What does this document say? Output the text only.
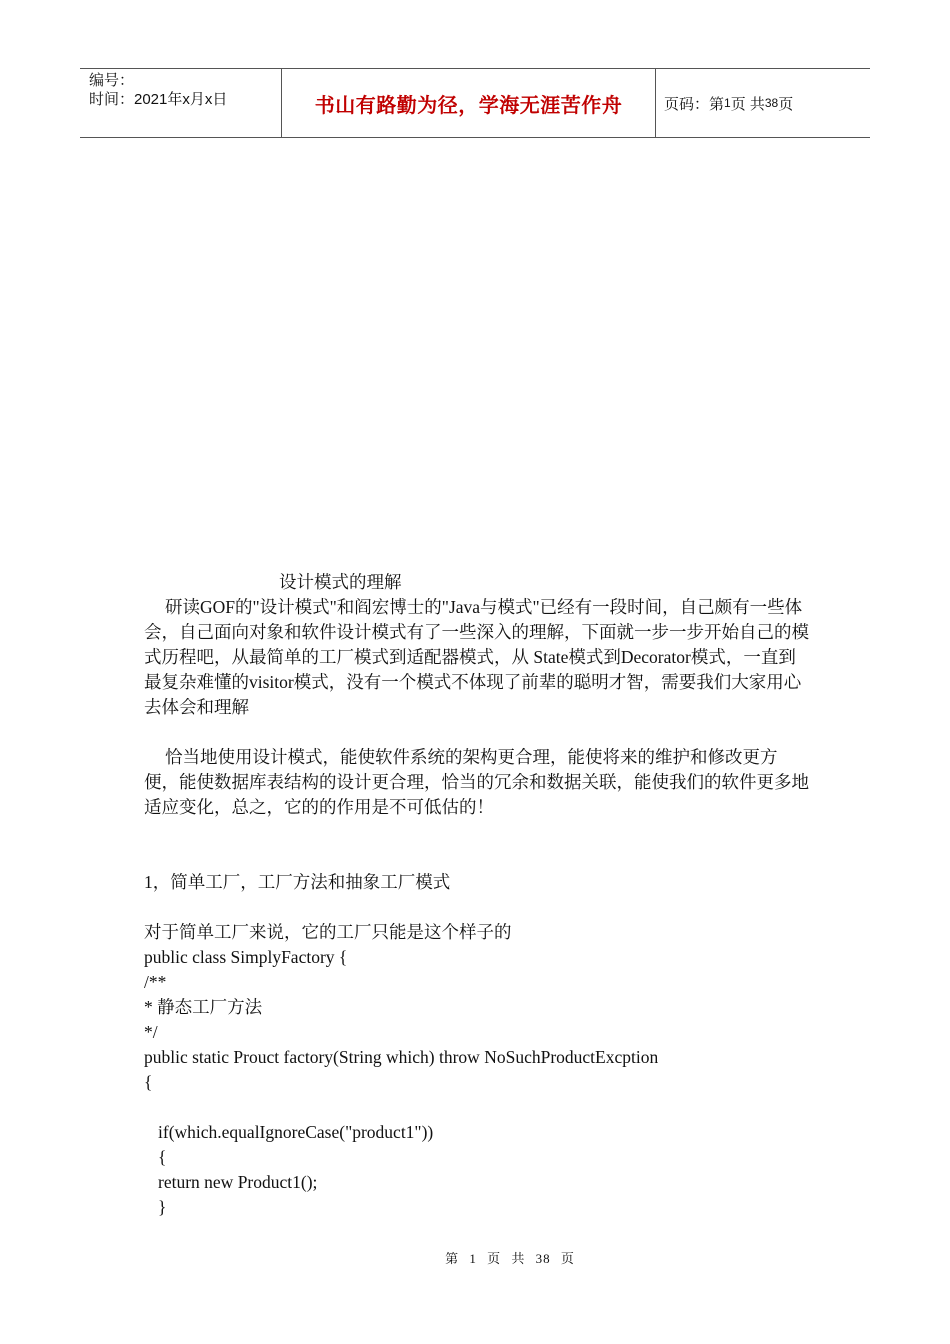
编号：
时间：2021年x月x日	书山有路勤为径，学海无涯苦作舟	页码：第 1 页 共 38 页

设计模式的理解

研读GOF的"设计模式"和阎宏博士的"Java与模式"已经有一段时间，自己颇有一些体会，自己面向对象和软件设计模式有了一些深入的理解，下面就一步一步开始自己的模式历程吧，从最简单的工厂模式到适配器模式，从 State模式到Decorator模式，一直到最复杂难懂的visitor模式，没有一个模式不体现了前辈的聪明才智，需要我们大家用心去体会和理解

恰当地使用设计模式，能使软件系统的架构更合理，能使将来的维护和修改更方便，能使数据库表结构的设计更合理，恰当的冗余和数据关联，能使我们的软件更多地适应变化，总之，它的的作用是不可低估的！

1，简单工厂，工厂方法和抽象工厂模式

对于简单工厂来说，它的工厂只能是这个样子的

public class SimplyFactory {

/**

* 静态工厂方法

*/

public static Prouct factory(String which) throw NoSuchProductExcption

{

if(which.equalIgnoreCase("product1"))

{

return new Product1();

}

第 1 页 共 38 页
